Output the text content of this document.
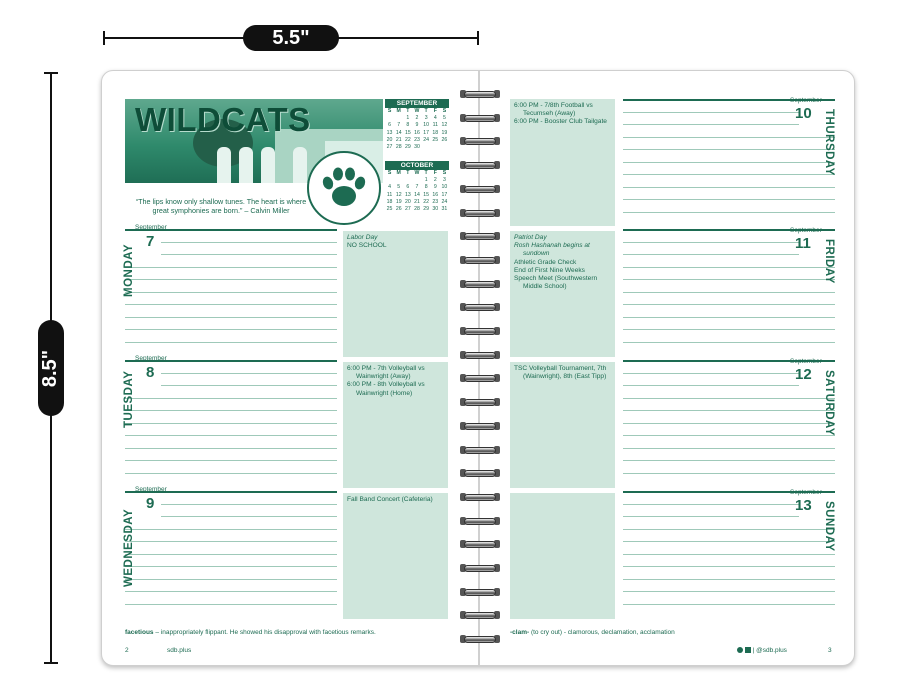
5.5"
8.5"
WILDCATS
“The lips know only shallow tunes. The heart is where great symphonies are born.” – Calvin Miller
SEPTEMBER
S	M	T	W	T	F	S
		1	2	3	4	5
6	7	8	9	10	11	12
13	14	15	16	17	18	19
20	21	22	23	24	25	26
27	28	29	30			
OCTOBER
S	M	T	W	T	F	S
				1	2	3
4	5	6	7	8	9	10
11	12	13	14	15	16	17
18	19	20	21	22	23	24
25	26	27	28	29	30	31
September
7
MONDAY
Labor Day
NO SCHOOL
September
8
TUESDAY
6:00 PM - 7th Volleyball vs
Wainwright (Away)
6:00 PM - 8th Volleyball vs
Wainwright (Home)
September
9
WEDNESDAY
Fall Band Concert (Cafeteria)
facetious – inappropriately flippant. He showed his disapproval with facetious remarks.
2	sdb.plus
6:00 PM - 7/8th Football vs
Tecumseh (Away)
6:00 PM - Booster Club Tailgate
September
10 THURSDAY
Patriot Day
Rosh Hashanah begins at
sundown
Athletic Grade Check
End of First Nine Weeks
Speech Meet (Southwestern
Middle School)
September
11 FRIDAY
TSC Volleyball Tournament, 7th
(Wainwright), 8th (East Tipp)
September
12 SATURDAY
September
13 SUNDAY
-clam- (to cry out) - clamorous, declamation, acclamation
| @sdb.plus	3
